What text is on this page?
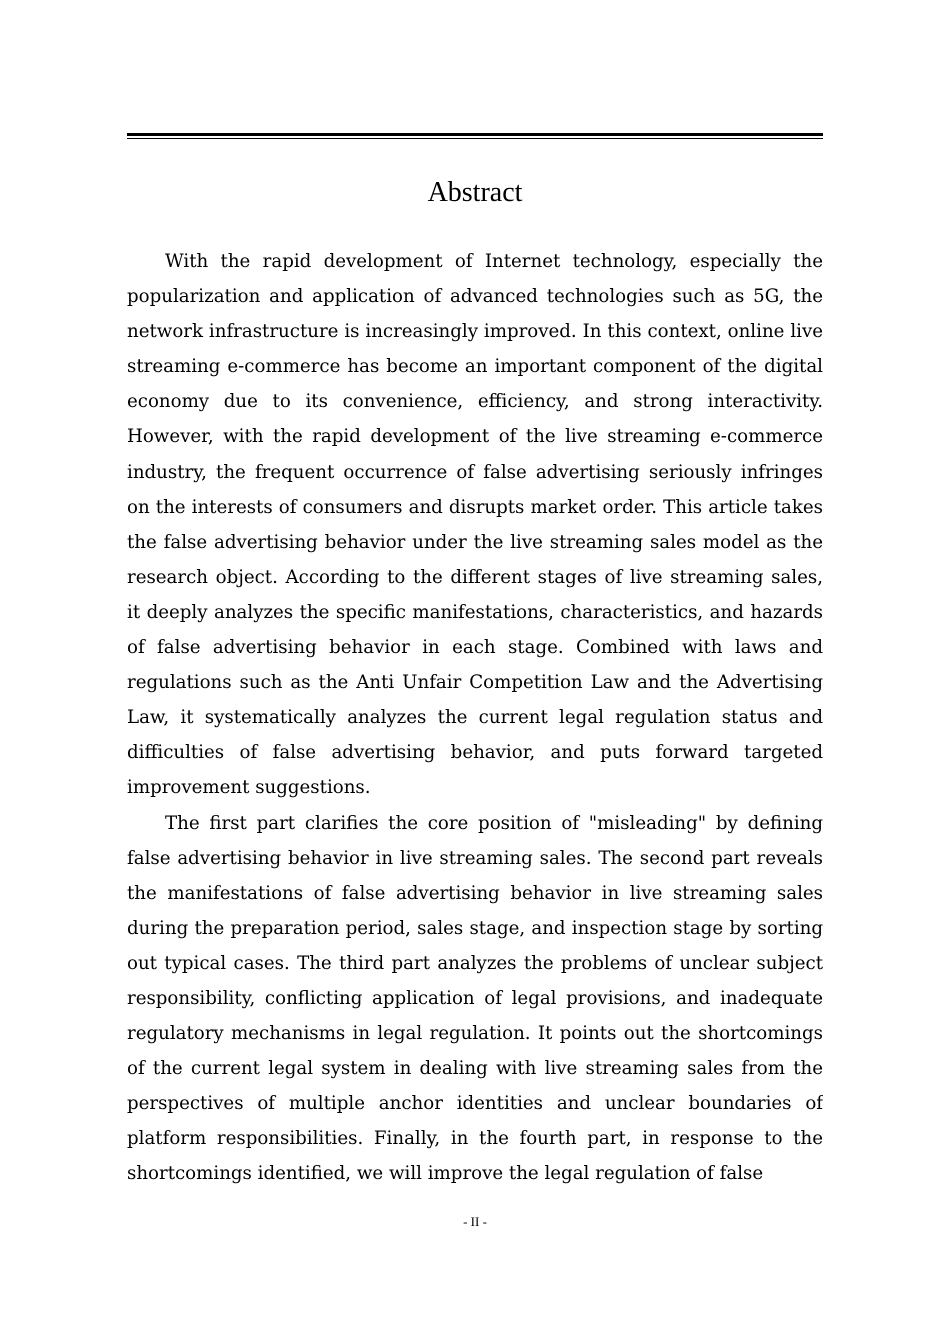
Abstract

With the rapid development of Internet technology, especially the popularization and application of advanced technologies such as 5G, the network infrastructure is increasingly improved. In this context, online live streaming e-commerce has become an important component of the digital economy due to its convenience, efficiency, and strong interactivity. However, with the rapid development of the live streaming e-commerce industry, the frequent occurrence of false advertising seriously infringes on the interests of consumers and disrupts market order. This article takes the false advertising behavior under the live streaming sales model as the research object. According to the different stages of live streaming sales, it deeply analyzes the specific manifestations, characteristics, and hazards of false advertising behavior in each stage. Combined with laws and regulations such as the Anti Unfair Competition Law and the Advertising Law, it systematically analyzes the current legal regulation status and difficulties of false advertising behavior, and puts forward targeted improvement suggestions.

The first part clarifies the core position of "misleading" by defining false advertising behavior in live streaming sales. The second part reveals the manifestations of false advertising behavior in live streaming sales during the preparation period, sales stage, and inspection stage by sorting out typical cases. The third part analyzes the problems of unclear subject responsibility, conflicting application of legal provisions, and inadequate regulatory mechanisms in legal regulation. It points out the shortcomings of the current legal system in dealing with live streaming sales from the perspectives of multiple anchor identities and unclear boundaries of platform responsibilities. Finally, in the fourth part, in response to the shortcomings identified, we will improve the legal regulation of false

- II -
